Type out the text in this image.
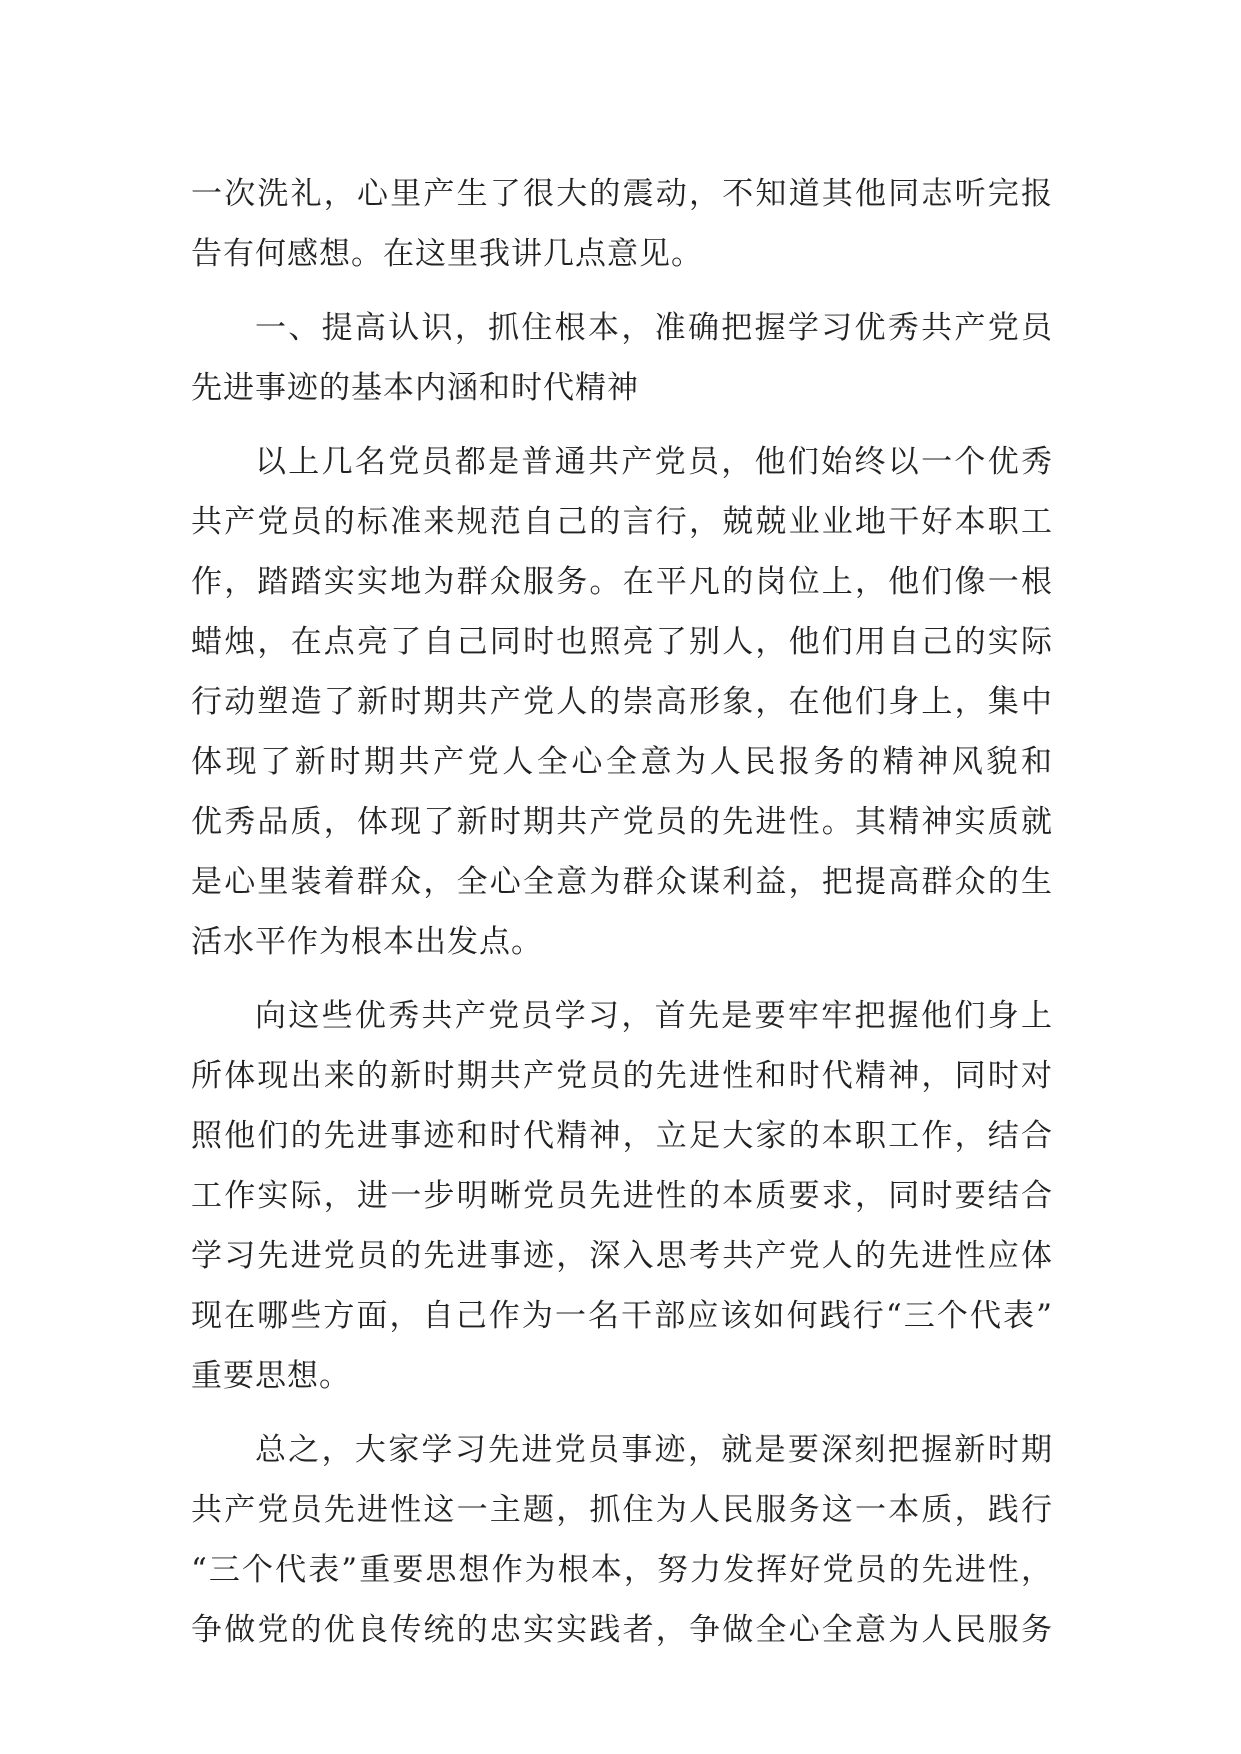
一次洗礼，心里产生了很大的震动，不知道其他同志听完报
告有何感想。在这里我讲几点意见。
一、提高认识，抓住根本，准确把握学习优秀共产党员
先进事迹的基本内涵和时代精神
以上几名党员都是普通共产党员，他们始终以一个优秀
共产党员的标准来规范自己的言行，兢兢业业地干好本职工
作，踏踏实实地为群众服务。在平凡的岗位上，他们像一根
蜡烛，在点亮了自己同时也照亮了别人，他们用自己的实际
行动塑造了新时期共产党人的崇高形象，在他们身上，集中
体现了新时期共产党人全心全意为人民报务的精神风貌和
优秀品质，体现了新时期共产党员的先进性。其精神实质就
是心里装着群众，全心全意为群众谋利益，把提高群众的生
活水平作为根本出发点。
向这些优秀共产党员学习，首先是要牢牢把握他们身上
所体现出来的新时期共产党员的先进性和时代精神，同时对
照他们的先进事迹和时代精神，立足大家的本职工作，结合
工作实际，进一步明晰党员先进性的本质要求，同时要结合
学习先进党员的先进事迹，深入思考共产党人的先进性应体
现在哪些方面，自己作为一名干部应该如何践行“三个代表”
重要思想。
总之，大家学习先进党员事迹，就是要深刻把握新时期
共产党员先进性这一主题，抓住为人民服务这一本质，践行
“三个代表”重要思想作为根本，努力发挥好党员的先进性，
争做党的优良传统的忠实实践者，争做全心全意为人民服务
